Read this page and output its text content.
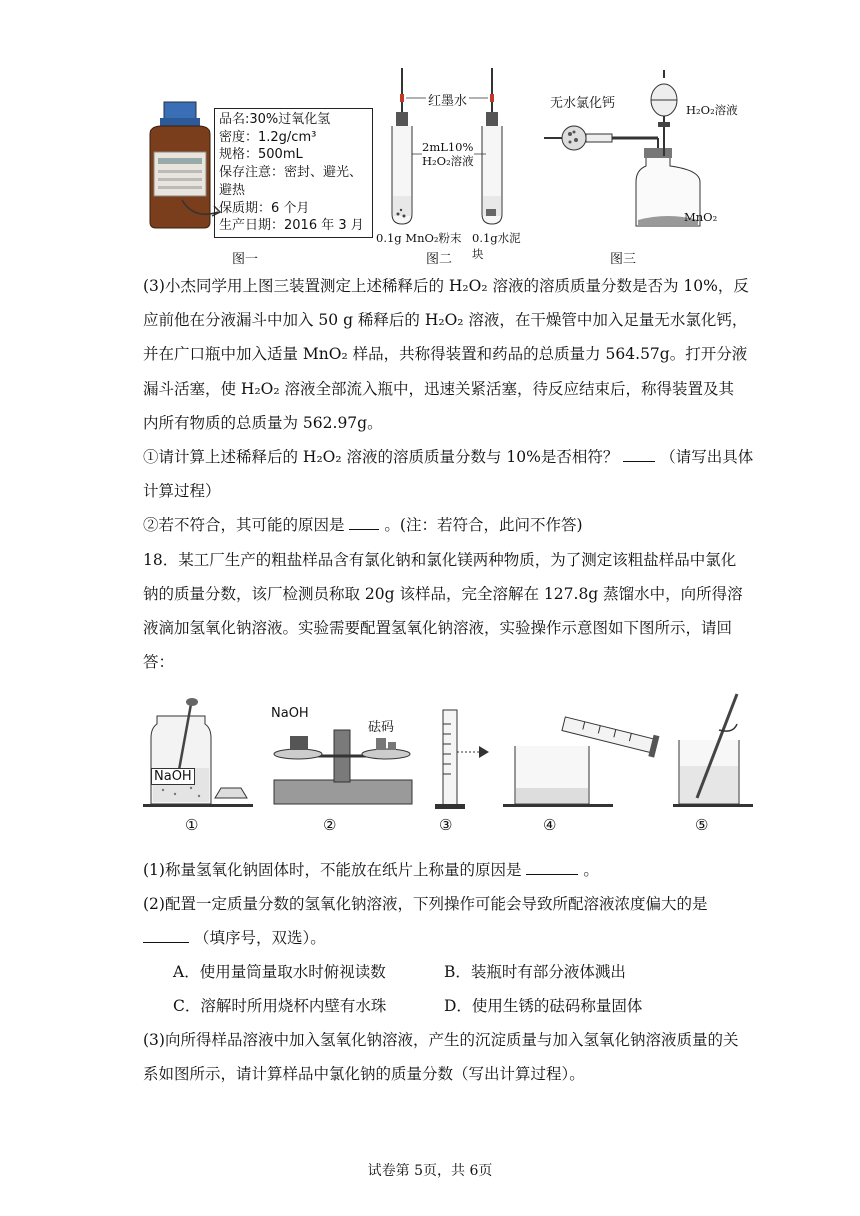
品名:30%过氧化氢
密度：1.2g/cm³
规格：500mL
保存注意：密封、避光、
避热
保质期：6 个月
生产日期：2016 年 3 月
图一
红墨水
2mL10%
H₂O₂溶液
0.1g MnO₂粉末 0.1g水泥块
图二
无水氯化钙	H₂O₂溶液
MnO₂
图三
(3)小杰同学用上图三装置测定上述稀释后的 H₂O₂ 溶液的溶质质量分数是否为 10%，反
应前他在分液漏斗中加入 50 g 稀释后的 H₂O₂ 溶液，在干燥管中加入足量无水氯化钙，
并在广口瓶中加入适量 MnO₂ 样品，共称得装置和药品的总质量力 564.57g。打开分液
漏斗活塞，使 H₂O₂ 溶液全部流入瓶中，迅速关紧活塞，待反应结束后，称得装置及其
内所有物质的总质量为 562.97g。
①请计算上述稀释后的 H₂O₂ 溶液的溶质质量分数与 10%是否相符？	（请写出具体
计算过程）
②若不符合，其可能的原因是	。(注：若符合，此问不作答)
18．某工厂生产的粗盐样品含有氯化钠和氯化镁两种物质，为了测定该粗盐样品中氯化
钠的质量分数，该厂检测员称取 20g 该样品，完全溶解在 127.8g 蒸馏水中，向所得溶
液滴加氢氧化钠溶液。实验需要配置氢氧化钠溶液，实验操作示意图如下图所示，请回
答：
NaOH
NaOH
砝码
①	②	③	④	⑤
(1)称量氢氧化钠固体时，不能放在纸片上称量的原因是	。
(2)配置一定质量分数的氢氧化钠溶液，下列操作可能会导致所配溶液浓度偏大的是
（填序号，双选）。
A．使用量筒量取水时俯视读数	B．装瓶时有部分液体溅出
C．溶解时所用烧杯内壁有水珠	D．使用生锈的砝码称量固体
(3)向所得样品溶液中加入氢氧化钠溶液，产生的沉淀质量与加入氢氧化钠溶液质量的关
系如图所示，请计算样品中氯化钠的质量分数（写出计算过程）。
试卷第 5页，共 6页
